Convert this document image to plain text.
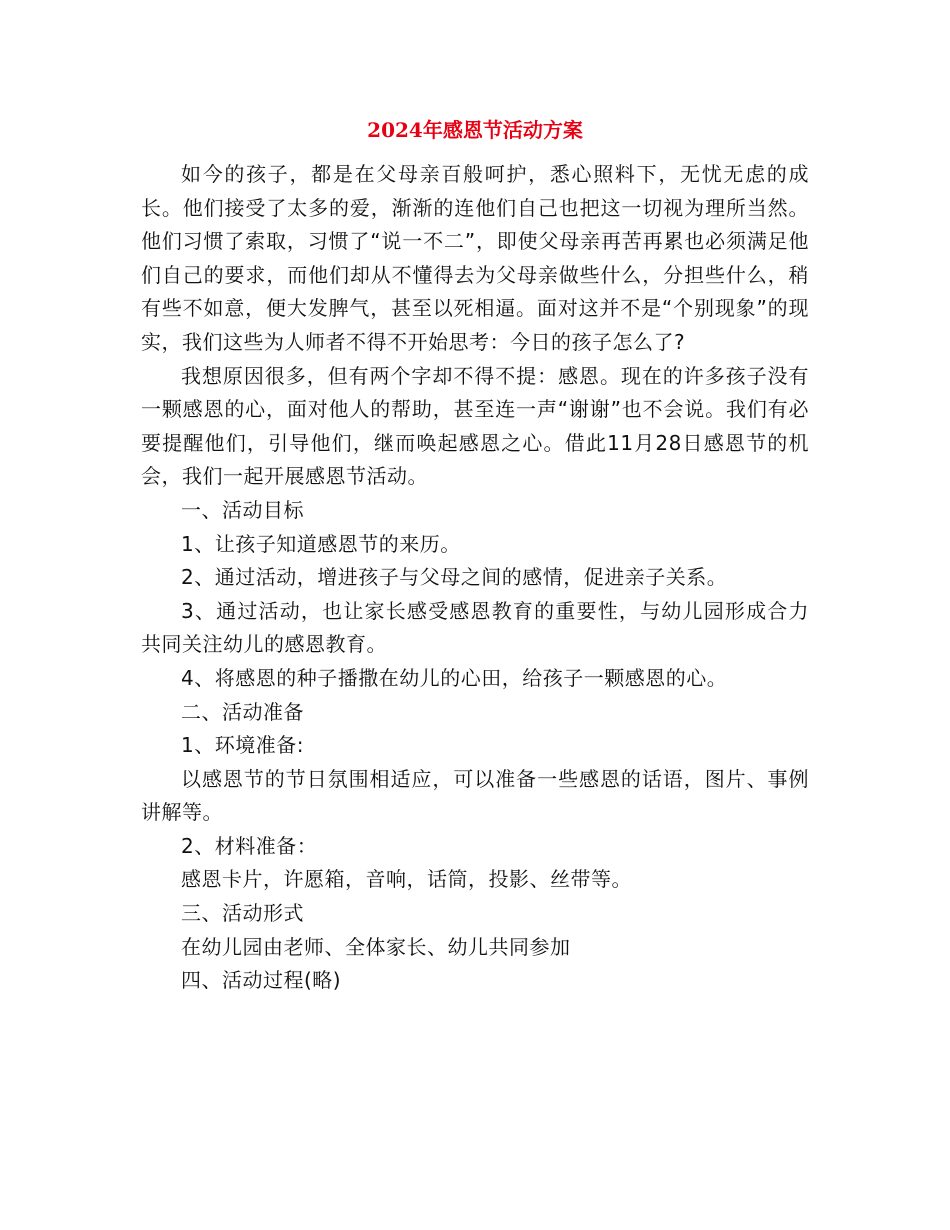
2024年感恩节活动方案

如今的孩子，都是在父母亲百般呵护，悉心照料下，无忧无虑的成长。他们接受了太多的爱，渐渐的连他们自己也把这一切视为理所当然。他们习惯了索取，习惯了“说一不二”，即使父母亲再苦再累也必须满足他们自己的要求，而他们却从不懂得去为父母亲做些什么，分担些什么，稍有些不如意，便大发脾气，甚至以死相逼。面对这并不是“个别现象”的现实，我们这些为人师者不得不开始思考：今日的孩子怎么了?

我想原因很多，但有两个字却不得不提：感恩。现在的许多孩子没有一颗感恩的心，面对他人的帮助，甚至连一声“谢谢”也不会说。我们有必要提醒他们，引导他们，继而唤起感恩之心。借此11月28日感恩节的机会，我们一起开展感恩节活动。

一、活动目标

1、让孩子知道感恩节的来历。

2、通过活动，增进孩子与父母之间的感情，促进亲子关系。

3、通过活动，也让家长感受感恩教育的重要性，与幼儿园形成合力共同关注幼儿的感恩教育。

4、将感恩的种子播撒在幼儿的心田，给孩子一颗感恩的心。

二、活动准备

1、环境准备:

以感恩节的节日氛围相适应，可以准备一些感恩的话语，图片、事例讲解等。

2、材料准备：

感恩卡片，许愿箱，音响，话筒，投影、丝带等。

三、活动形式

在幼儿园由老师、全体家长、幼儿共同参加

四、活动过程(略)
